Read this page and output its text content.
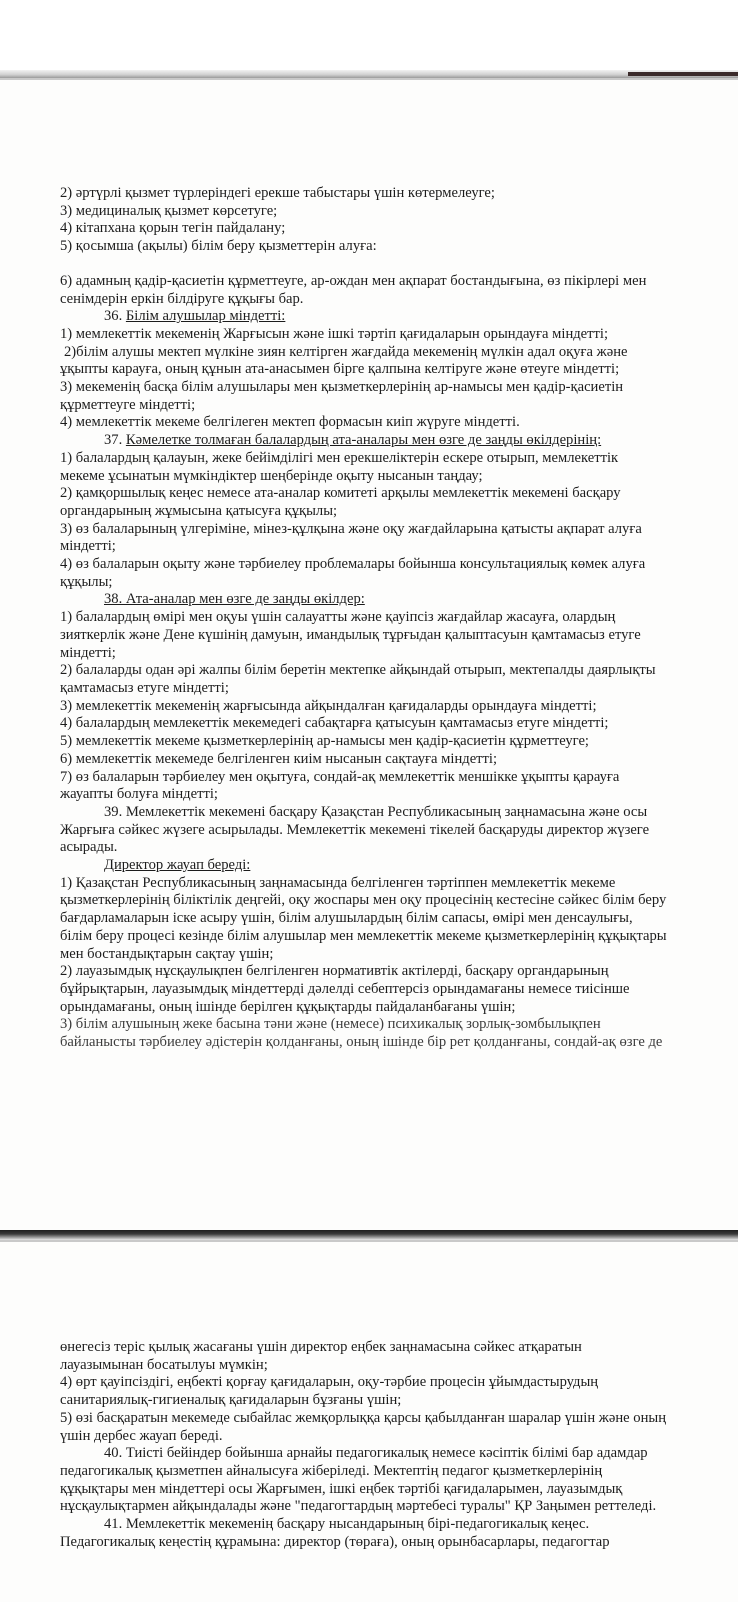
2) әртүрлі қызмет түрлеріндегі ерекше табыстары үшін көтермелеуге;
3) медициналық қызмет көрсетуге;
4) кітапхана қорын тегін пайдалану;
5) қосымша (ақылы) білім беру қызметтерін алуға:
6) адамның қадір-қасиетін құрметтеуге, ар-ождан мен ақпарат бостандығына, өз пікірлері мен
сенімдерін еркін білдіруге құқығы бар.
36. Білім алушылар міндетті:
1) мемлекеттік мекеменің Жарғысын және ішкі тәртіп қағидаларын орындауға міндетті;
2)білім алушы мектеп мүлкіне зиян келтірген жағдайда мекеменің мүлкін адал оқуға және
ұқыпты карауға, оның құнын ата-анасымен бірге қалпына келтіруге және өтеуге міндетті;
3) мекеменің басқа білім алушылары мен қызметкерлерінің ар-намысы мен қадір-қасиетін
құрметтеуге міндетті;
4) мемлекеттік мекеме белгілеген мектеп формасын киіп жүруге міндетті.
37. Кәмелетке толмаған балалардың ата-аналары мен өзге де заңды өкілдерінің:
1) балалардың қалауын, жеке бейімділігі мен ерекшеліктерін ескере отырып, мемлекеттік
мекеме ұсынатын мүмкіндіктер шеңберінде оқыту нысанын таңдау;
2) қамқоршылық кеңес немесе ата-аналар комитеті арқылы мемлекеттік мекемені басқару
органдарының жұмысына қатысуға құқылы;
3) өз балаларының үлгеріміне, мінез-құлқына және оқу жағдайларына қатысты ақпарат алуға
міндетті;
4) өз балаларын оқыту және тәрбиелеу проблемалары бойынша консультациялық көмек алуға
құқылы;
38. Ата-аналар мен өзге де заңды өкілдер:
1) балалардың өмірі мен оқуы үшін салауатты және қауіпсіз жағдайлар жасауға, олардың
зияткерлік және Дене күшінің дамуын, имандылық тұрғыдан қалыптасуын қамтамасыз етуге
міндетті;
2) балаларды одан әрі жалпы білім беретін мектепке айқындай отырып, мектепалды даярлықты
қамтамасыз етуге міндетті;
3) мемлекеттік мекеменің жарғысында айқындалған қағидаларды орындауға міндетті;
4) балалардың мемлекеттік мекемедегі сабақтарға қатысуын қамтамасыз етуге міндетті;
5) мемлекеттік мекеме қызметкерлерінің ар-намысы мен қадір-қасиетін құрметтеуге;
6) мемлекеттік мекемеде белгіленген киім нысанын сақтауға міндетті;
7) өз балаларын тәрбиелеу мен оқытуға, сондай-ақ мемлекеттік меншікке ұқыпты қарауға
жауапты болуға міндетті;
39. Мемлекеттік мекемені басқару Қазақстан Республикасының заңнамасына және осы
Жарғыға сәйкес жүзеге асырылады. Мемлекеттік мекемені тікелей басқаруды директор жүзеге
асырады.
Директор жауап береді:
1) Қазақстан Республикасының заңнамасында белгіленген тәртіппен мемлекеттік мекеме
қызметкерлерінің біліктілік деңгейі, оқу жоспары мен оқу процесінің кестесіне сәйкес білім беру
бағдарламаларын іске асыру үшін, білім алушылардың білім сапасы, өмірі мен денсаулығы,
білім беру процесі кезінде білім алушылар мен мемлекеттік мекеме қызметкерлерінің құқықтары
мен бостандықтарын сақтау үшін;
2) лауазымдық нұсқаулықпен белгіленген нормативтік актілерді, басқару органдарының
бұйрықтарын, лауазымдық міндеттерді дәлелді себептерсіз орындамағаны немесе тиісінше
орындамағаны, оның ішінде берілген құқықтарды пайдаланбағаны үшін;
3) білім алушының жеке басына тәни және (немесе) психикалық зорлық-зомбылықпен
байланысты тәрбиелеу әдістерін қолданғаны, оның ішінде бір рет қолданғаны, сондай-ақ өзге де
өнегесіз теріс қылық жасағаны үшін директор еңбек заңнамасына сәйкес атқаратын
лауазымынан босатылуы мүмкін;
4) өрт қауіпсіздігі, еңбекті қорғау қағидаларын, оқу-тәрбие процесін ұйымдастырудың
санитариялық-гигиеналық қағидаларын бұзғаны үшін;
5) өзі басқаратын мекемеде сыбайлас жемқорлыққа қарсы қабылданған шаралар үшін және оның
үшін дербес жауап береді.
40. Тиісті бейіндер бойынша арнайы педагогикалық немесе кәсіптік білімі бар адамдар
педагогикалық қызметпен айналысуға жіберіледі. Мектептің педагог қызметкерлерінің
құқықтары мен міндеттері осы Жарғымен, ішкі еңбек тәртібі қағидаларымен, лауазымдық
нұсқаулықтармен айқындалады және "педагогтардың мәртебесі туралы" ҚР Заңымен реттеледі.
41. Мемлекеттік мекеменің басқару нысандарының бірі-педагогикалық кеңес.
Педагогикалық кеңестің құрамына: директор (төраға), оның орынбасарлары, педагогтар
